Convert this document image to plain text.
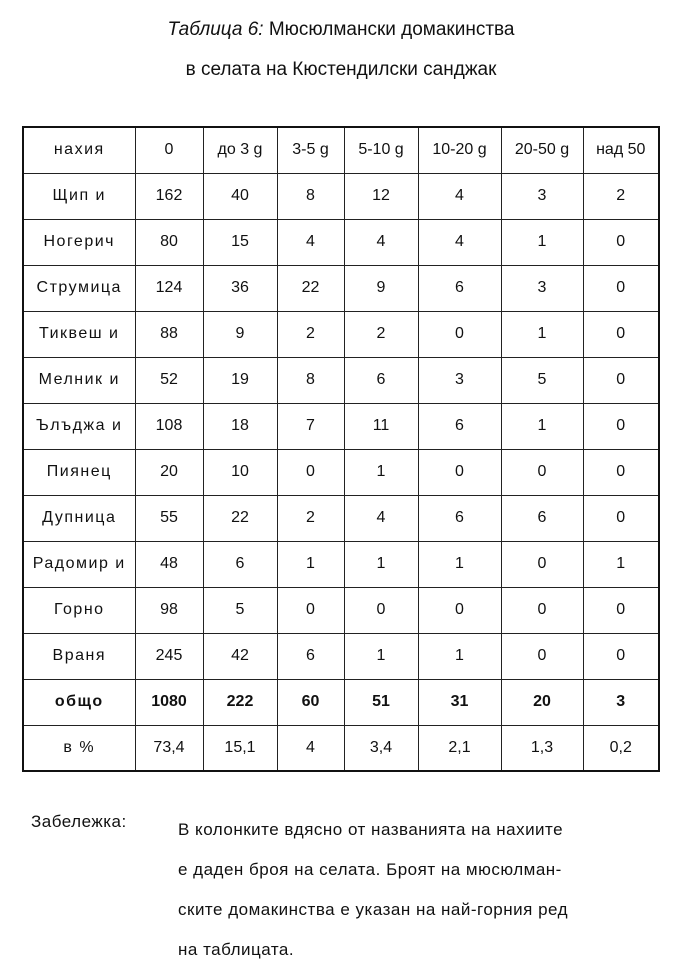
Таблица 6: Мюсюлмански домакинства
в селата на Кюстендилски санджак
нахия	0	до 3 g	3-5 g	5-10 g	10-20 g	20-50 g	над 50
Щип и	162	40	8	12	4	3	2
Ногерич	80	15	4	4	4	1	0
Струмица	124	36	22	9	6	3	0
Тиквеш и	88	9	2	2	0	1	0
Мелник и	52	19	8	6	3	5	0
Ълъджа и	108	18	7	11	6	1	0
Пиянец	20	10	0	1	0	0	0
Дупница	55	22	2	4	6	6	0
Радомир и	48	6	1	1	1	0	1
Горно	98	5	0	0	0	0	0
Враня	245	42	6	1	1	0	0
общо	1080	222	60	51	31	20	3
в %	73,4	15,1	4	3,4	2,1	1,3	0,2
Забележка:	В колонките вдясно от названията на нахиите
е даден броя на селата. Броят на мюсюлман-
ските домакинства е указан на най-горния ред
на таблицата.
